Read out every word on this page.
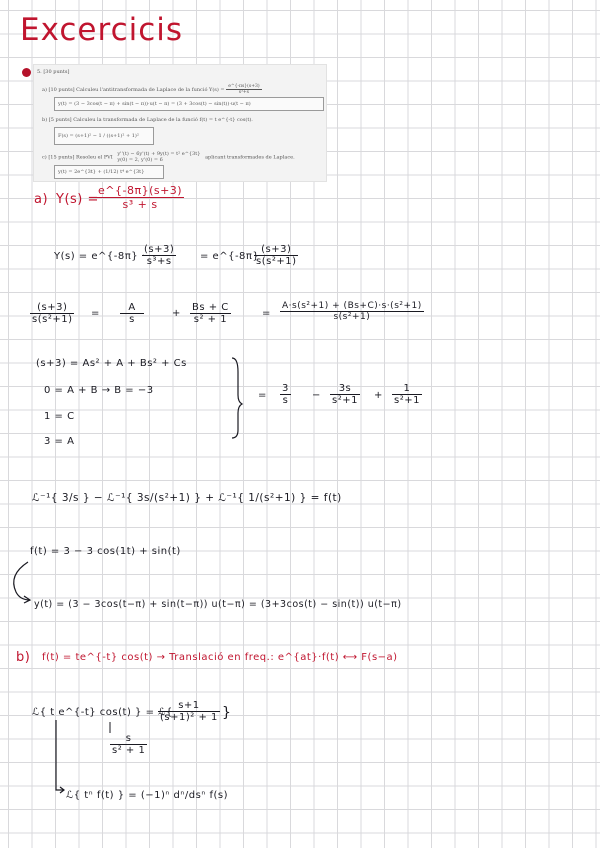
Excercicis
5. [30 punts]
a) [10 punts] Calculeu l'antitransformada de Laplace de la funció $Y(s) = \frac{e\^{}\{-\pi s\}(s+3)}{\text{s³+s}}$
y(t) = (3 − 3cos(t − π) + sin(t − π))·u(t − π) = (3 + 3cos(t) − sin(t))·u(t − π)
b) [5 punts] Calculeu la transformada de Laplace de la funció f(t) = t e^{-t} cos(t).
F(s) = (s+1)² − 1 / ((s+1)² + 1)²
c) [15 punts] Resoleu el PVI
y''(t) − 6y'(t) + 9y(t) = t² e^{3t}
y(0) = 2, y'(0) = 6	aplicant transformades de Laplace.
y(t) = 2e^{3t} + (1/12) t⁴ e^{3t}
a) Y(s) =
$\frac{e\^{}\{-8\pi\}(s+3)}{\text{s³ + s}}$
Y(s) = e^{-8π} ·
$\frac{(s+3)}{\text{s³+s}}$ = e^{-8π} ·
$\frac{(s+3)}{\text{s(s²+1)}}$
$\frac{(s+3)}{\text{s(s²+1)}} = \frac{A}{s}$	+ $\frac{Bs + C}{\text{s² + 1}}$	= $\frac{\text{A·s(s²+1) + (Bs+C)·s·(s²+1)}}{\text{s(s²+1)}}$
(s+3) = As² + A + Bs² + Cs
0 = A + B → B = −3
1 = C
3 = A
= $\frac{3}{s} - \frac{3s}{\text{s²+1}} + \frac{1}{\text{s²+1}}$
ℒ⁻¹{ 3/s } − ℒ⁻¹{ 3s/(s²+1) } + ℒ⁻¹{ 1/(s²+1) } = f(t)
f(t) = 3 − 3 cos(1t) + sin(t)
y(t) = (3 − 3cos(t−π) + sin(t−π)) u(t−π) = (3+3cos(t) − sin(t)) u(t−π)
b) f(t) = te^{-t} cos(t) → Translació en freq.: e^{at}·f(t) ⟷ F(s−a)
ℒ{ t e^{-t} cos(t) } = ℒ{
$\frac{s+1}{\text{(s+1)² + 1}}$ }
$\frac{s}{\text{s² + 1}}$
ℒ{ tⁿ f(t) } = (−1)ⁿ dⁿ/dsⁿ f(s)
